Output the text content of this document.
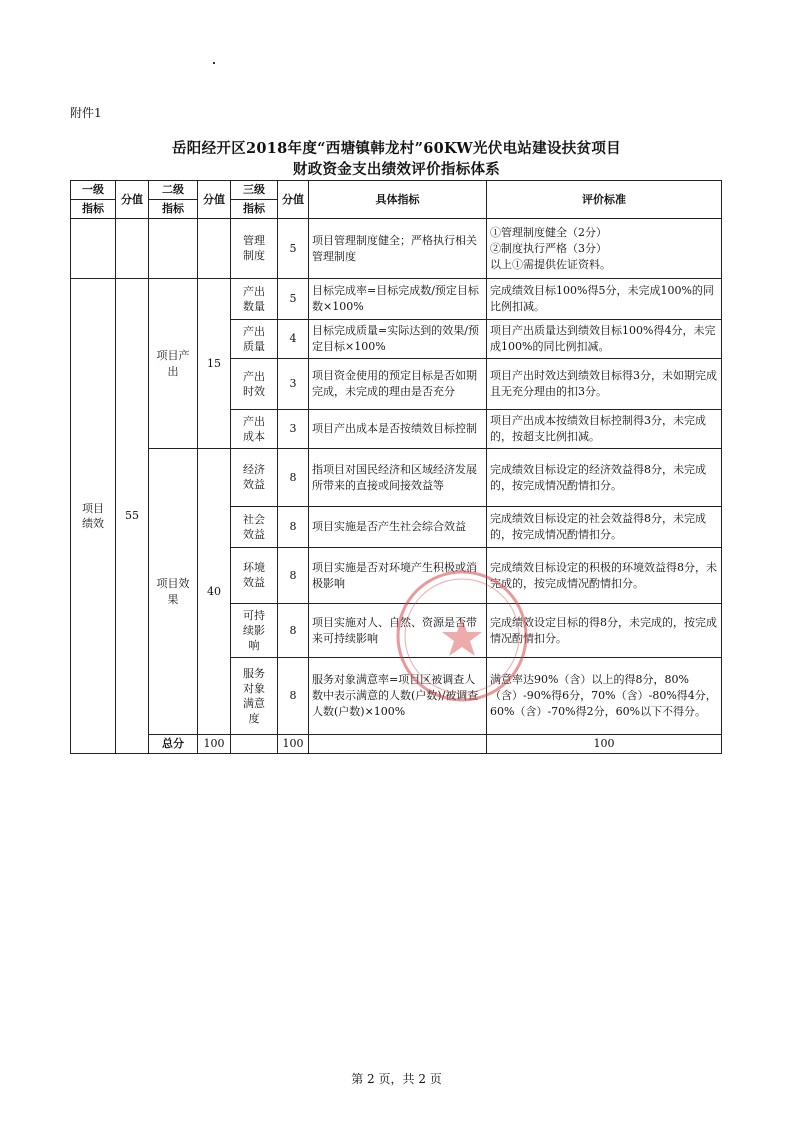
附件1
岳阳经开区2018年度“西塘镇韩龙村”60KW光伏电站建设扶贫项目
财政资金支出绩效评价指标体系
一级	分值	二级	分值	三级	分值	具体指标	评价标准	
指标		指标		指标				
				管理制度	5	项目管理制度健全；严格执行相关管理制度	①管理制度健全（2分）
②制度执行严格（3分）
以上①需提供佐证资料。	

项目绩效	55	项目产出	15	产出数量	5	目标完成率=目标完成数/预定目标数×100%	完成绩效目标100%得5分，未完成100%的同比例扣减。	
				产出质量	4	目标完成质量=实际达到的效果/预定目标×100%	项目产出质量达到绩效目标100%得4分，未完成100%的同比例扣减。	
				产出时效	3	项目资金使用的预定目标是否如期完成，未完成的理由是否充分	项目产出时效达到绩效目标得3分，未如期完成且无充分理由的扣3分。	
				产出成本	3	项目产出成本是否按绩效目标控制	项目产出成本按绩效目标控制得3分，未完成的，按超支比例扣减。	
		项目效果	40	经济效益	8	指项目对国民经济和区域经济发展所带来的直接或间接效益等	完成绩效目标设定的经济效益得8分，未完成的，按完成情况酌情扣分。	
				社会效益	8	项目实施是否产生社会综合效益	完成绩效目标设定的社会效益得8分，未完成的，按完成情况酌情扣分。	
				环境效益	8	项目实施是否对环境产生积极或消极影响	完成绩效目标设定的积极的环境效益得8分，未完成的，按完成情况酌情扣分。	
				可持续影响	8	项目实施对人、自然、资源是否带来可持续影响	完成绩效设定目标的得8分，未完成的，按完成情况酌情扣分。	
				服务对象满意度	8	服务对象满意率=项目区被调查人数中表示满意的人数(户数)/被调查人数(户数)×100%	满意率达90%（含）以上的得8分，80%（含）-90%得6分，70%（含）-80%得4分，60%（含）-70%得2分，60%以下不得分。	
		总分	100		100		100		
第 2 页，共 2 页
